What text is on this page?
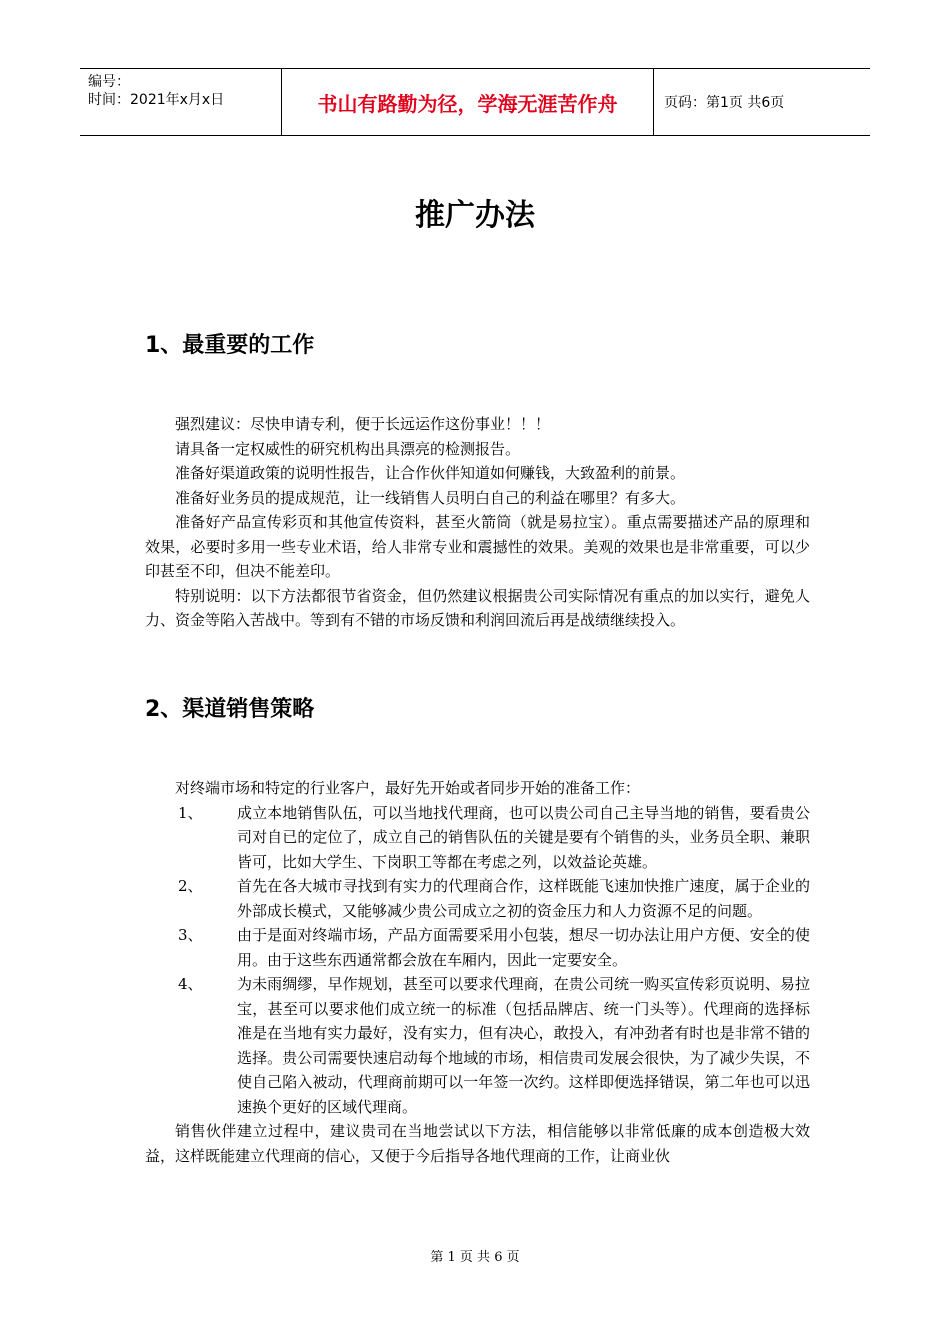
编号：
时间：2021年x月x日	书山有路勤为径，学海无涯苦作舟	页码：第1页 共6页
推广办法
1、最重要的工作

强烈建议：尽快申请专利，便于长远运作这份事业！！！

请具备一定权威性的研究机构出具漂亮的检测报告。

准备好渠道政策的说明性报告，让合作伙伴知道如何赚钱，大致盈利的前景。

准备好业务员的提成规范，让一线销售人员明白自己的利益在哪里？有多大。

准备好产品宣传彩页和其他宣传资料，甚至火箭筒（就是易拉宝）。重点需要描述产品的原理和效果，必要时多用一些专业术语，给人非常专业和震撼性的效果。美观的效果也是非常重要，可以少印甚至不印，但决不能差印。

特别说明：以下方法都很节省资金，但仍然建议根据贵公司实际情况有重点的加以实行，避免人力、资金等陷入苦战中。等到有不错的市场反馈和利润回流后再是战绩继续投入。

2、渠道销售策略

对终端市场和特定的行业客户，最好先开始或者同步开始的准备工作：

1、	成立本地销售队伍，可以当地找代理商，也可以贵公司自己主导当地的销售，要看贵公司对自已的定位了，成立自己的销售队伍的关键是要有个销售的头，业务员全职、兼职皆可，比如大学生、下岗职工等都在考虑之列，以效益论英雄。
2、	首先在各大城市寻找到有实力的代理商合作，这样既能飞速加快推广速度，属于企业的外部成长模式，又能够减少贵公司成立之初的资金压力和人力资源不足的问题。
3、	由于是面对终端市场，产品方面需要采用小包装，想尽一切办法让用户方便、安全的使用。由于这些东西通常都会放在车厢内，因此一定要安全。
4、	为未雨绸缪，早作规划，甚至可以要求代理商，在贵公司统一购买宣传彩页说明、易拉宝，甚至可以要求他们成立统一的标准（包括品牌店、统一门头等）。代理商的选择标准是在当地有实力最好，没有实力，但有决心，敢投入，有冲劲者有时也是非常不错的选择。贵公司需要快速启动每个地域的市场，相信贵司发展会很快，为了减少失误，不使自己陷入被动，代理商前期可以一年签一次约。这样即便选择错误，第二年也可以迅速换个更好的区域代理商。

销售伙伴建立过程中，建议贵司在当地尝试以下方法，相信能够以非常低廉的成本创造极大效益，这样既能建立代理商的信心，又便于今后指导各地代理商的工作，让商业伙

第 1 页 共 6 页
